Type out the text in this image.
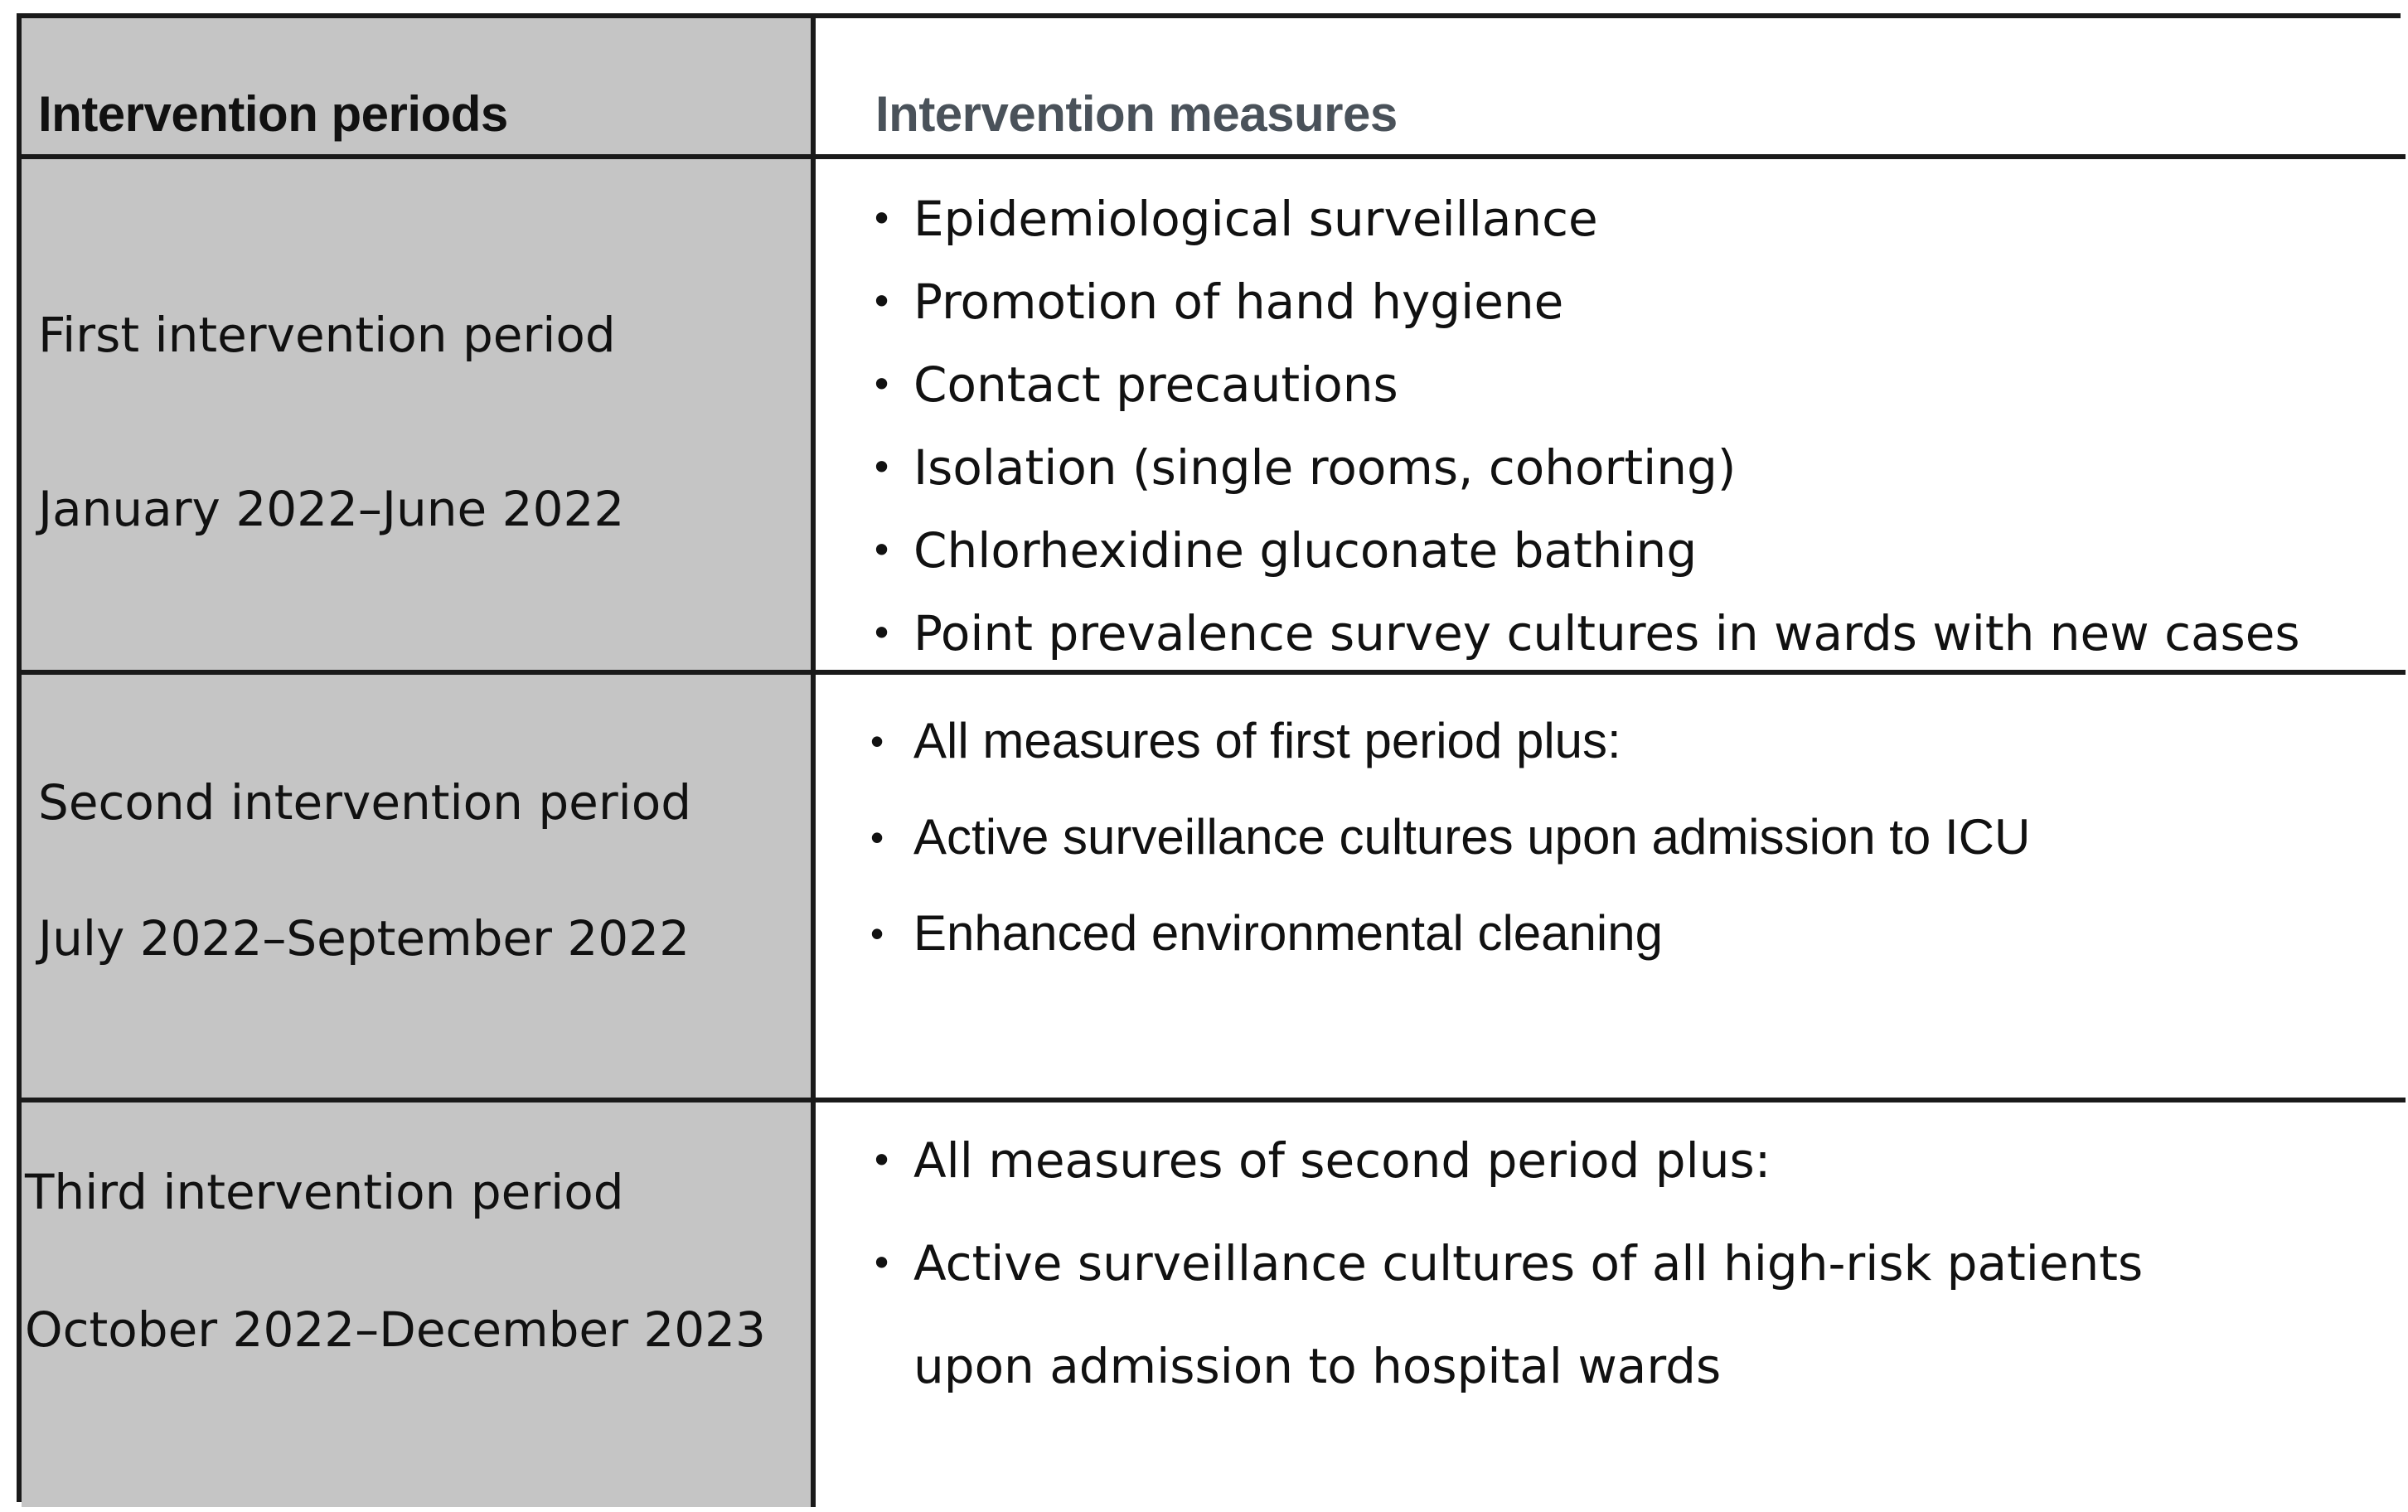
Intervention periods	Intervention measures
First intervention period
January 2022–June 2022
• Epidemiological surveillance
• Promotion of hand hygiene
• Contact precautions
• Isolation (single rooms, cohorting)
• Chlorhexidine gluconate bathing
• Point prevalence survey cultures in wards with new cases
Second intervention period
July 2022–September 2022
• All measures of first period plus:
• Active surveillance cultures upon admission to ICU
• Enhanced environmental cleaning
Third intervention period
October 2022–December 2023
• All measures of second period plus:
• Active surveillance cultures of all high-risk patients upon admission to hospital wards
